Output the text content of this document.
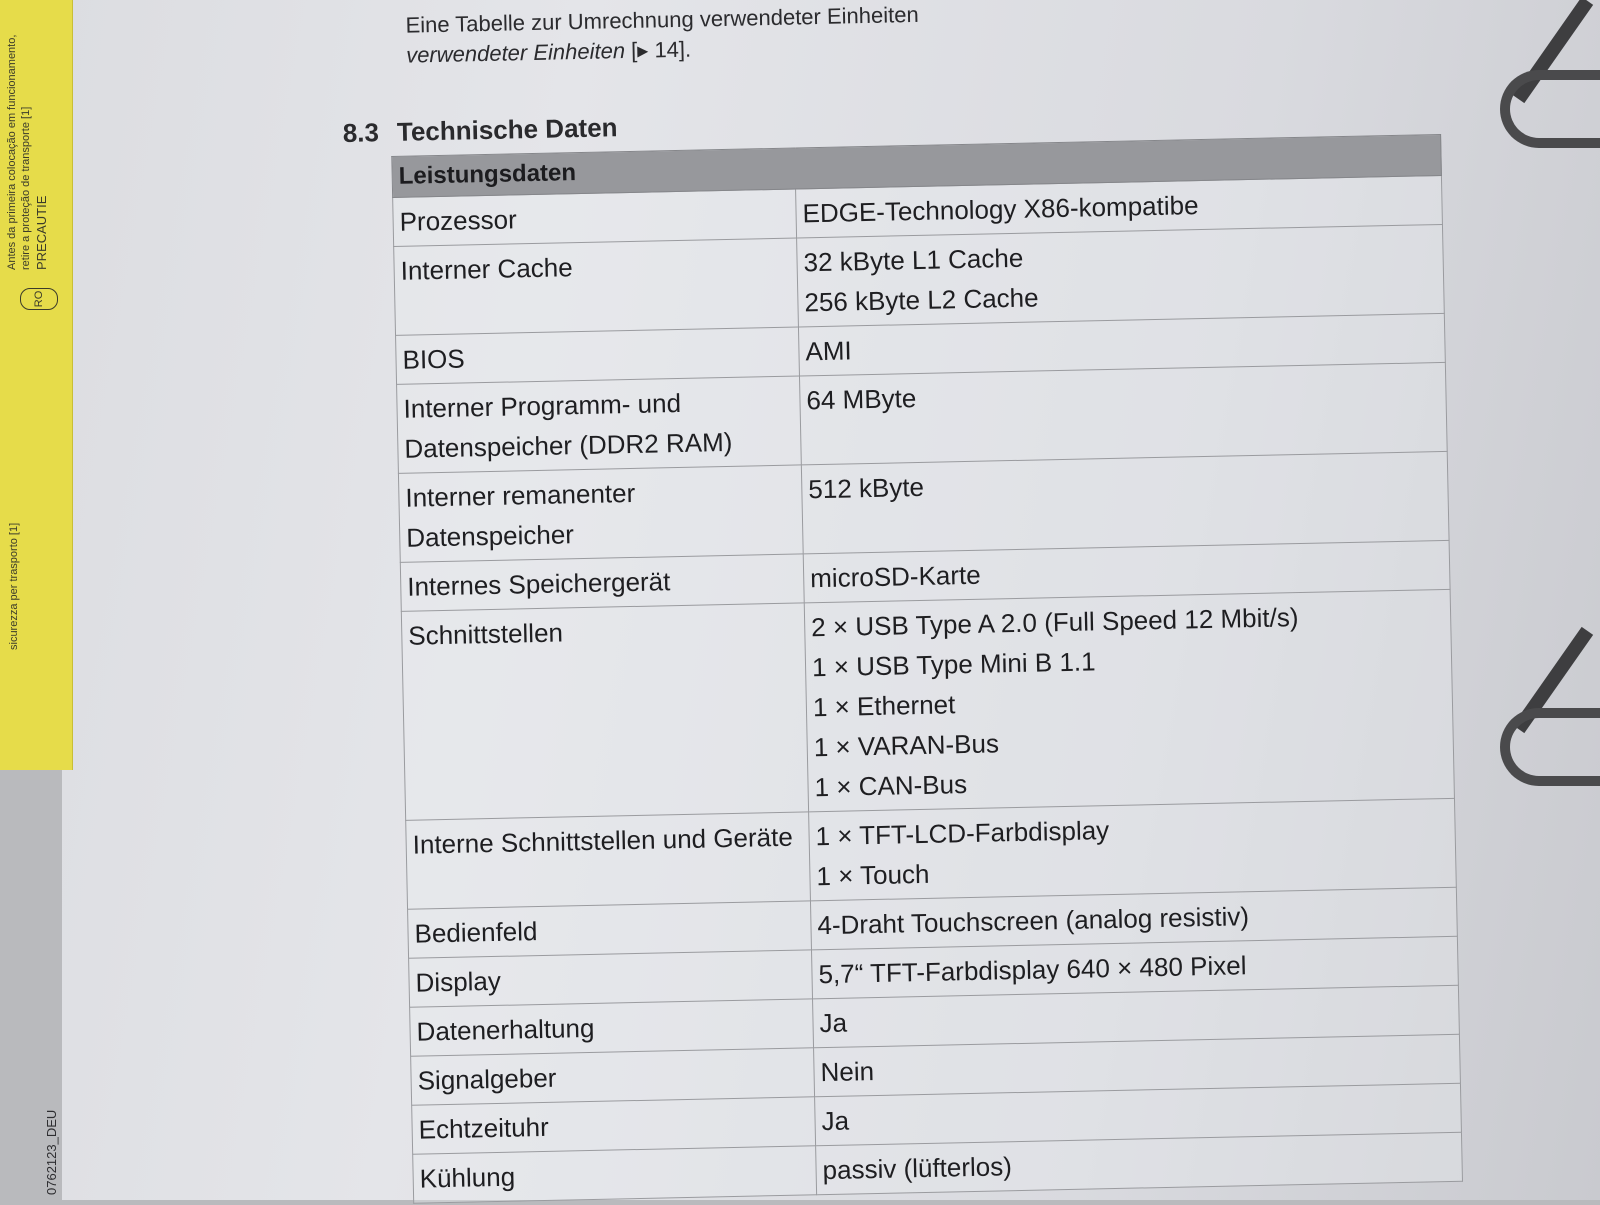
Antes da primeira colocação em funcionamento, retire a proteção de transporte [1] PRECAUTIE
sicurezza per trasporto [1]
RO
0762123_DEU
Eine Tabelle zur Umrechnung verwendeter Einheiten
verwendeter Einheiten [▸ 14].
8.3 Technische Daten
Leistungsdaten	
Prozessor	EDGE-Technology X86-kompatibe

Interner Cache	32 kByte L1 Cache
256 kByte L2 Cache

BIOS	AMI

Interner Programm- und Datenspeicher (DDR2 RAM)	64 MByte

Interner remanenter Datenspeicher	512 kByte

Internes Speichergerät	microSD-Karte

Schnittstellen	2 × USB Type A 2.0 (Full Speed 12 Mbit/s)
1 × USB Type Mini B 1.1
1 × Ethernet
1 × VARAN-Bus
1 × CAN-Bus

Interne Schnittstellen und Geräte	1 × TFT-LCD-Farbdisplay
1 × Touch

Bedienfeld	4-Draht Touchscreen (analog resistiv)

Display	5,7“ TFT-Farbdisplay 640 × 480 Pixel

Datenerhaltung	Ja

Signalgeber	Nein

Echtzeituhr	Ja

Kühlung	passiv (lüfterlos)
